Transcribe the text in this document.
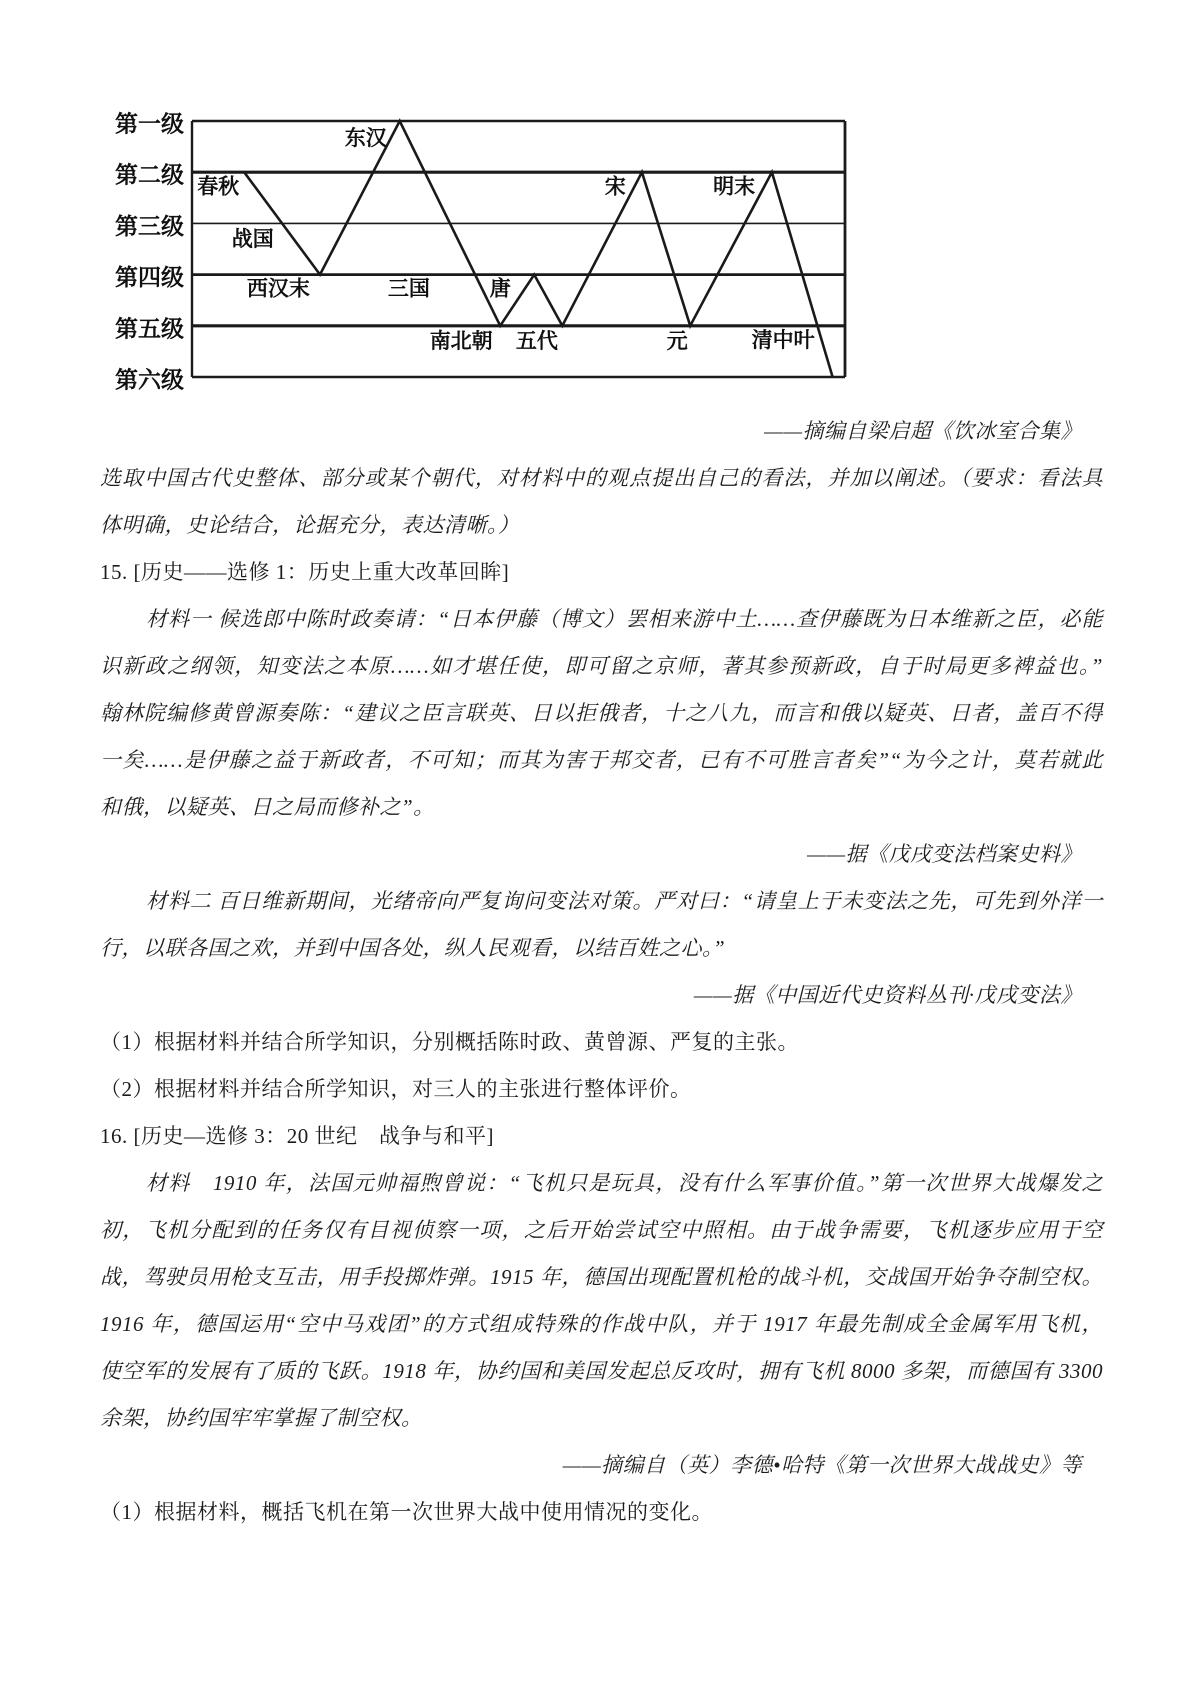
第一级
第二级
第三级
第四级
第五级
第六级
东汉
春秋	宋	明末
战国
西汉末	三国	唐
南北朝 五代	元	清中叶
——摘编自梁启超《饮冰室合集》
选取中国古代史整体、部分或某个朝代，对材料中的观点提出自己的看法，并加以阐述。（要求：看法具
体明确，史论结合，论据充分，表达清晰。）
15. [历史——选修 1：历史上重大改革回眸]
材料一 候选郎中陈时政奏请：“日本伊藤（博文）罢相来游中土……查伊藤既为日本维新之臣，必能
识新政之纲领，知变法之本原……如才堪任使，即可留之京师，著其参预新政，自于时局更多裨益也。”
翰林院编修黄曾源奏陈：“建议之臣言联英、日以拒俄者，十之八九，而言和俄以疑英、日者，盖百不得
一矣……是伊藤之益于新政者，不可知；而其为害于邦交者，已有不可胜言者矣”“为今之计，莫若就此
和俄，以疑英、日之局而修补之”。
——据《戊戌变法档案史料》
材料二 百日维新期间，光绪帝向严复询问变法对策。严对曰：“请皇上于未变法之先，可先到外洋一
行，以联各国之欢，并到中国各处，纵人民观看，以结百姓之心。”
——据《中国近代史资料丛刊·戊戌变法》
（1）根据材料并结合所学知识，分别概括陈时政、黄曾源、严复的主张。
（2）根据材料并结合所学知识，对三人的主张进行整体评价。
16. [历史—选修 3：20 世纪　战争与和平]
材料　1910 年，法国元帅福煦曾说：“飞机只是玩具，没有什么军事价值。”第一次世界大战爆发之
初，飞机分配到的任务仅有目视侦察一项，之后开始尝试空中照相。由于战争需要，飞机逐步应用于空
战，驾驶员用枪支互击，用手投掷炸弹。1915 年，德国出现配置机枪的战斗机，交战国开始争夺制空权。
1916 年，德国运用“空中马戏团”的方式组成特殊的作战中队，并于 1917 年最先制成全金属军用飞机，
使空军的发展有了质的飞跃。1918 年，协约国和美国发起总反攻时，拥有飞机 8000 多架，而德国有 3300
余架，协约国牢牢掌握了制空权。
——摘编自（英）李德•哈特《第一次世界大战战史》等
（1）根据材料，概括飞机在第一次世界大战中使用情况的变化。
